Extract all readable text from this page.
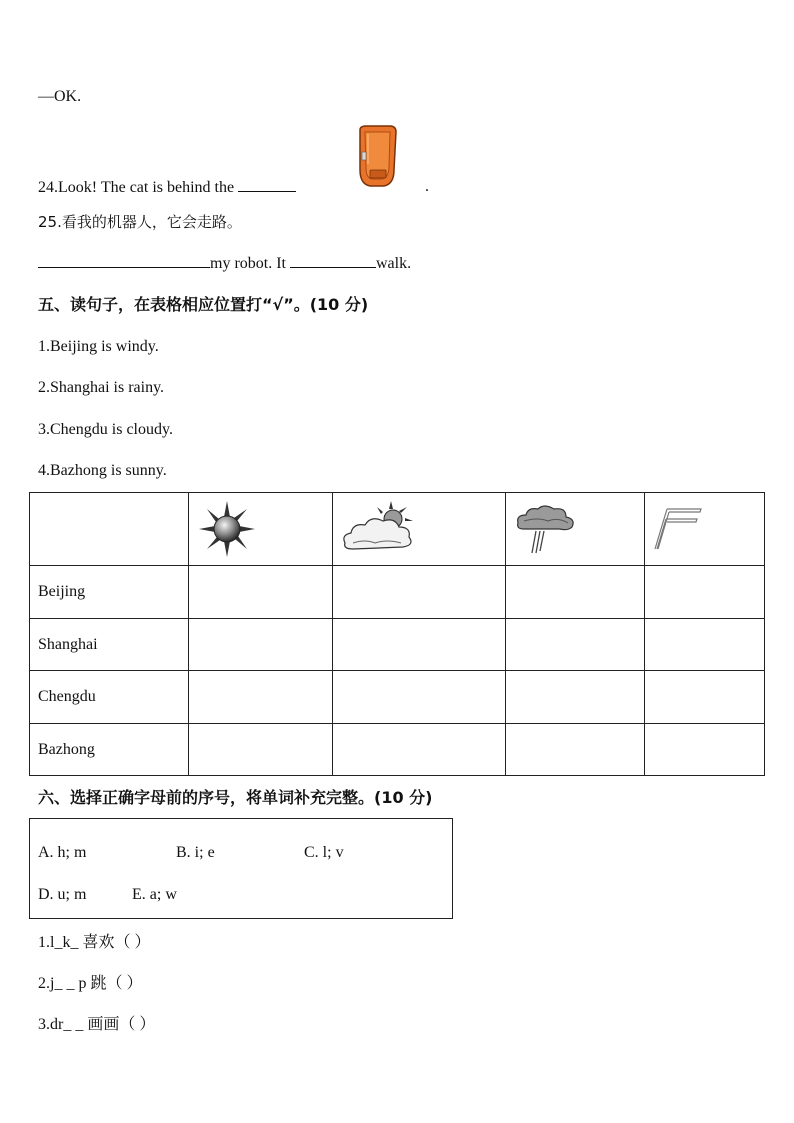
—OK.
24.Look! The cat is behind the	.
25.看我的机器人，它会走路。
my robot. It	walk.
五、读句子，在表格相应位置打“√”。(10 分)
1.Beijing is windy.
2.Shanghai is rainy.
3.Chengdu is cloudy.
4.Bazhong is sunny.

Beijing				
Shanghai				
Chengdu				
Bazhong				
六、选择正确字母前的序号，将单词补充完整。(10 分)
A. h; m	B. i; e	C. l; v
D. u; m	E. a; w
1.l_k_ 喜欢（ ）
2.j_ _ p 跳（ ）
3.dr_ _ 画画（ ）
